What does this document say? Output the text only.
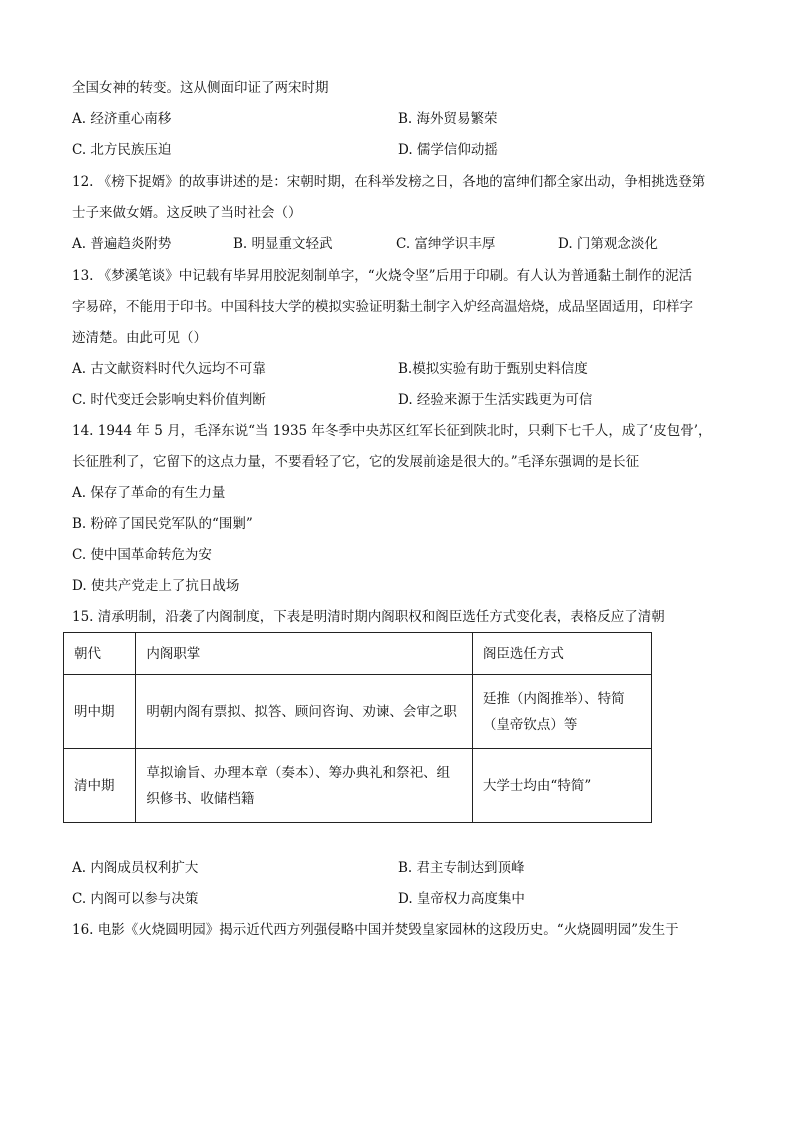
全国女神的转变。这从侧面印证了两宋时期
A. 经济重心南移	B. 海外贸易繁荣
C. 北方民族压迫	D. 儒学信仰动摇
12. 《榜下捉婿》的故事讲述的是：宋朝时期，在科举发榜之日，各地的富绅们都全家出动，争相挑选登第
士子来做女婿。这反映了当时社会（）
A. 普遍趋炎附势	B. 明显重文轻武	C. 富绅学识丰厚	D. 门第观念淡化
13. 《梦溪笔谈》中记载有毕昇用胶泥刻制单字，“火烧令坚”后用于印刷。有人认为普通黏土制作的泥活
字易碎，不能用于印书。中国科技大学的模拟实验证明黏土制字入炉经高温焙烧，成品坚固适用，印样字
迹清楚。由此可见（）
A. 古文献资料时代久远均不可靠	B.模拟实验有助于甄别史料信度
C. 时代变迁会影响史料价值判断	D. 经验来源于生活实践更为可信
14. 1944 年 5 月，毛泽东说“当 1935 年冬季中央苏区红军长征到陕北时，只剩下七千人，成了‘皮包骨’，
长征胜利了，它留下的这点力量，不要看轻了它，它的发展前途是很大的。”毛泽东强调的是长征
A. 保存了革命的有生力量
B. 粉碎了国民党军队的“围剿”
C. 使中国革命转危为安
D. 使共产党走上了抗日战场
15. 清承明制，沿袭了内阁制度，下表是明清时期内阁职权和阁臣选任方式变化表，表格反应了清朝
朝代	内阁职掌	阁臣选任方式
明中期	明朝内阁有票拟、拟答、顾问咨询、劝谏、会审之职	廷推（内阁推举）、特简（皇帝钦点）等
清中期	草拟谕旨、办理本章（奏本）、筹办典礼和祭祀、组织修书、收储档籍	大学士均由“特简”
A. 内阁成员权利扩大	B. 君主专制达到顶峰
C. 内阁可以参与决策	D. 皇帝权力高度集中
16. 电影《火烧圆明园》揭示近代西方列强侵略中国并焚毁皇家园林的这段历史。“火烧圆明园”发生于
